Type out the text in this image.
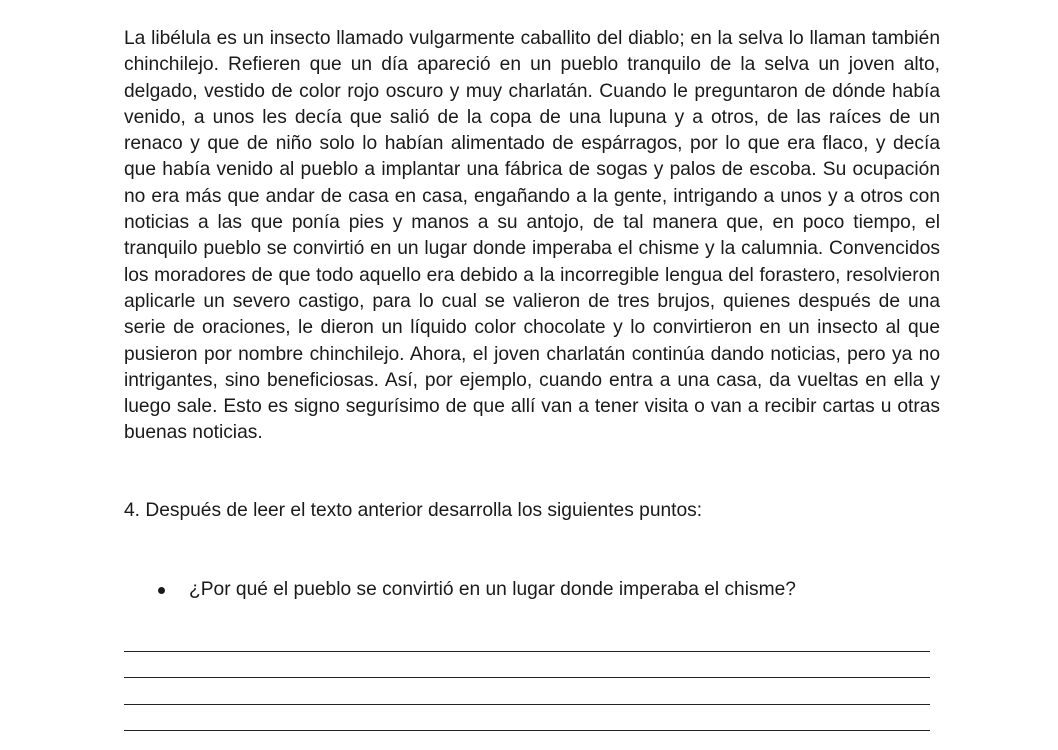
La libélula es un insecto llamado vulgarmente caballito del diablo; en la selva lo llaman también chinchilejo. Refieren que un día apareció en un pueblo tranquilo de la selva un joven alto, delgado, vestido de color rojo oscuro y muy charlatán. Cuando le preguntaron de dónde había venido, a unos les decía que salió de la copa de una lupuna y a otros, de las raíces de un renaco y que de niño solo lo habían alimentado de espárragos, por lo que era flaco, y decía que había venido al pueblo a implantar una fábrica de sogas y palos de escoba. Su ocupación no era más que andar de casa en casa, engañando a la gente, intrigando a unos y a otros con noticias a las que ponía pies y manos a su antojo, de tal manera que, en poco tiempo, el tranquilo pueblo se convirtió en un lugar donde imperaba el chisme y la calumnia. Convencidos los moradores de que todo aquello era debido a la incorregible lengua del forastero, resolvieron aplicarle un severo castigo, para lo cual se valieron de tres brujos, quienes después de una serie de oraciones, le dieron un líquido color chocolate y lo convirtieron en un insecto al que pusieron por nombre chinchilejo. Ahora, el joven charlatán continúa dando noticias, pero ya no intrigantes, sino beneficiosas. Así, por ejemplo, cuando entra a una casa, da vueltas en ella y luego sale. Esto es signo segurísimo de que allí van a tener visita o van a recibir cartas u otras buenas noticias.

4. Después de leer el texto anterior desarrolla los siguientes puntos:

¿Por qué el pueblo se convirtió en un lugar donde imperaba el chisme?
